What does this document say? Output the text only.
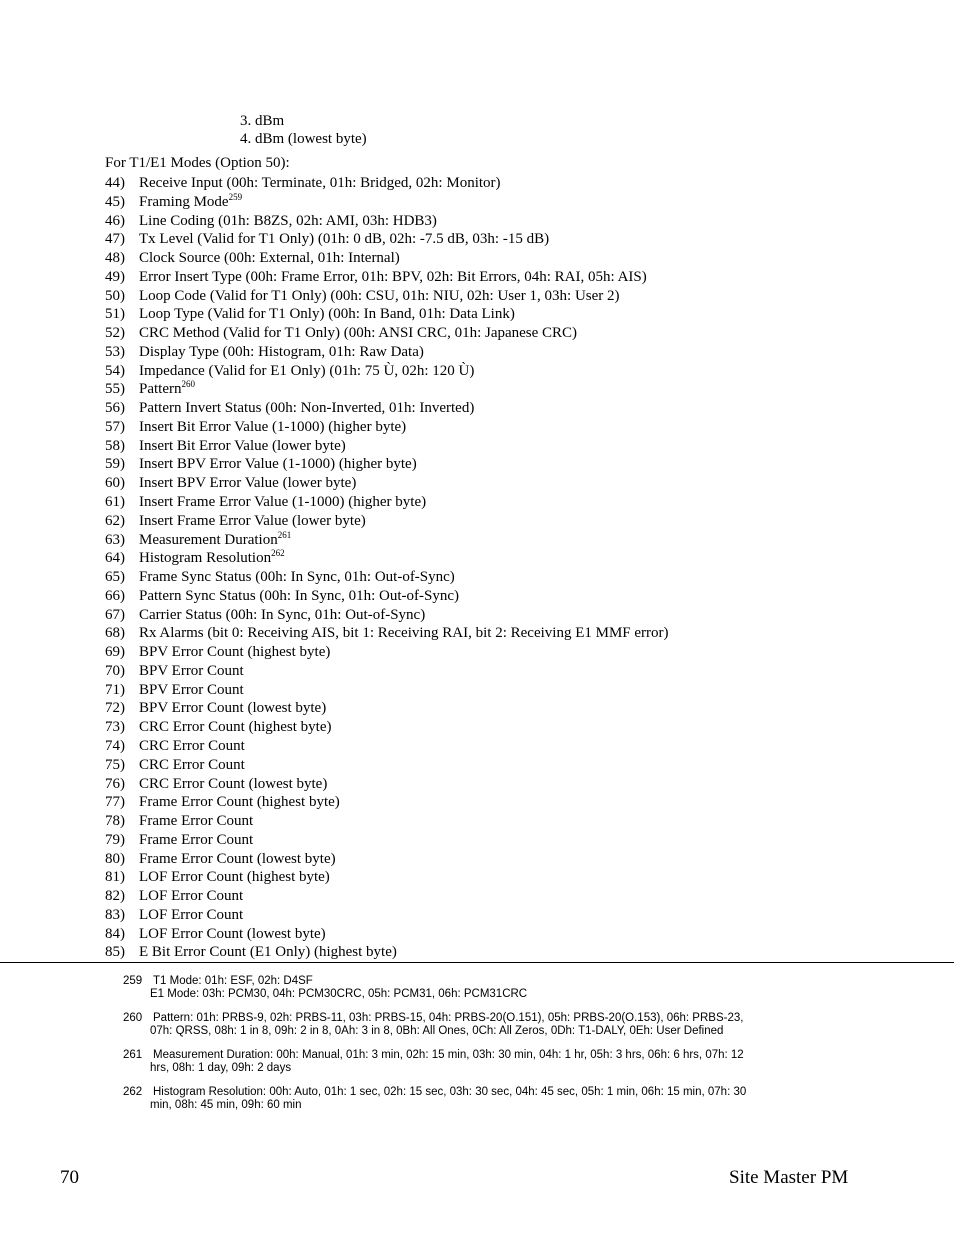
3. dBm
4. dBm (lowest byte)
For T1/E1 Modes (Option 50):
44) Receive Input (00h: Terminate, 01h: Bridged, 02h: Monitor)
45) Framing Mode$^{259}$
46) Line Coding (01h: B8ZS, 02h: AMI, 03h: HDB3)
47) Tx Level (Valid for T1 Only) (01h: 0 dB, 02h: -7.5 dB, 03h: -15 dB)
48) Clock Source (00h: External, 01h: Internal)
49) Error Insert Type (00h: Frame Error, 01h: BPV, 02h: Bit Errors, 04h: RAI, 05h: AIS)
50) Loop Code (Valid for T1 Only) (00h: CSU, 01h: NIU, 02h: User 1, 03h: User 2)
51) Loop Type (Valid for T1 Only) (00h: In Band, 01h: Data Link)
52) CRC Method (Valid for T1 Only) (00h: ANSI CRC, 01h: Japanese CRC)
53) Display Type (00h: Histogram, 01h: Raw Data)
54) Impedance (Valid for E1 Only) (01h: 75 Ù, 02h: 120 Ù)
55) Pattern$^{260}$
56) Pattern Invert Status (00h: Non-Inverted, 01h: Inverted)
57) Insert Bit Error Value (1-1000) (higher byte)
58) Insert Bit Error Value (lower byte)
59) Insert BPV Error Value (1-1000) (higher byte)
60) Insert BPV Error Value (lower byte)
61) Insert Frame Error Value (1-1000) (higher byte)
62) Insert Frame Error Value (lower byte)
63) Measurement Duration$^{261}$
64) Histogram Resolution$^{262}$
65) Frame Sync Status (00h: In Sync, 01h: Out-of-Sync)
66) Pattern Sync Status (00h: In Sync, 01h: Out-of-Sync)
67) Carrier Status (00h: In Sync, 01h: Out-of-Sync)
68) Rx Alarms (bit 0: Receiving AIS, bit 1: Receiving RAI, bit 2: Receiving E1 MMF error)
69) BPV Error Count (highest byte)
70) BPV Error Count
71) BPV Error Count
72) BPV Error Count (lowest byte)
73) CRC Error Count (highest byte)
74) CRC Error Count
75) CRC Error Count
76) CRC Error Count (lowest byte)
77) Frame Error Count (highest byte)
78) Frame Error Count
79) Frame Error Count
80) Frame Error Count (lowest byte)
81) LOF Error Count (highest byte)
82) LOF Error Count
83) LOF Error Count
84) LOF Error Count (lowest byte)
85) E Bit Error Count (E1 Only) (highest byte)
259 T1 Mode: 01h: ESF, 02h: D4SF
E1 Mode: 03h: PCM30, 04h: PCM30CRC, 05h: PCM31, 06h: PCM31CRC
260 Pattern: 01h: PRBS-9, 02h: PRBS-11, 03h: PRBS-15, 04h: PRBS-20(O.151), 05h: PRBS-20(O.153), 06h: PRBS-23,
07h: QRSS, 08h: 1 in 8, 09h: 2 in 8, 0Ah: 3 in 8, 0Bh: All Ones, 0Ch: All Zeros, 0Dh: T1-DALY, 0Eh: User Defined
261 Measurement Duration: 00h: Manual, 01h: 3 min, 02h: 15 min, 03h: 30 min, 04h: 1 hr, 05h: 3 hrs, 06h: 6 hrs, 07h: 12
hrs, 08h: 1 day, 09h: 2 days
262 Histogram Resolution: 00h: Auto, 01h: 1 sec, 02h: 15 sec, 03h: 30 sec, 04h: 45 sec, 05h: 1 min, 06h: 15 min, 07h: 30
min, 08h: 45 min, 09h: 60 min
70	Site Master PM
